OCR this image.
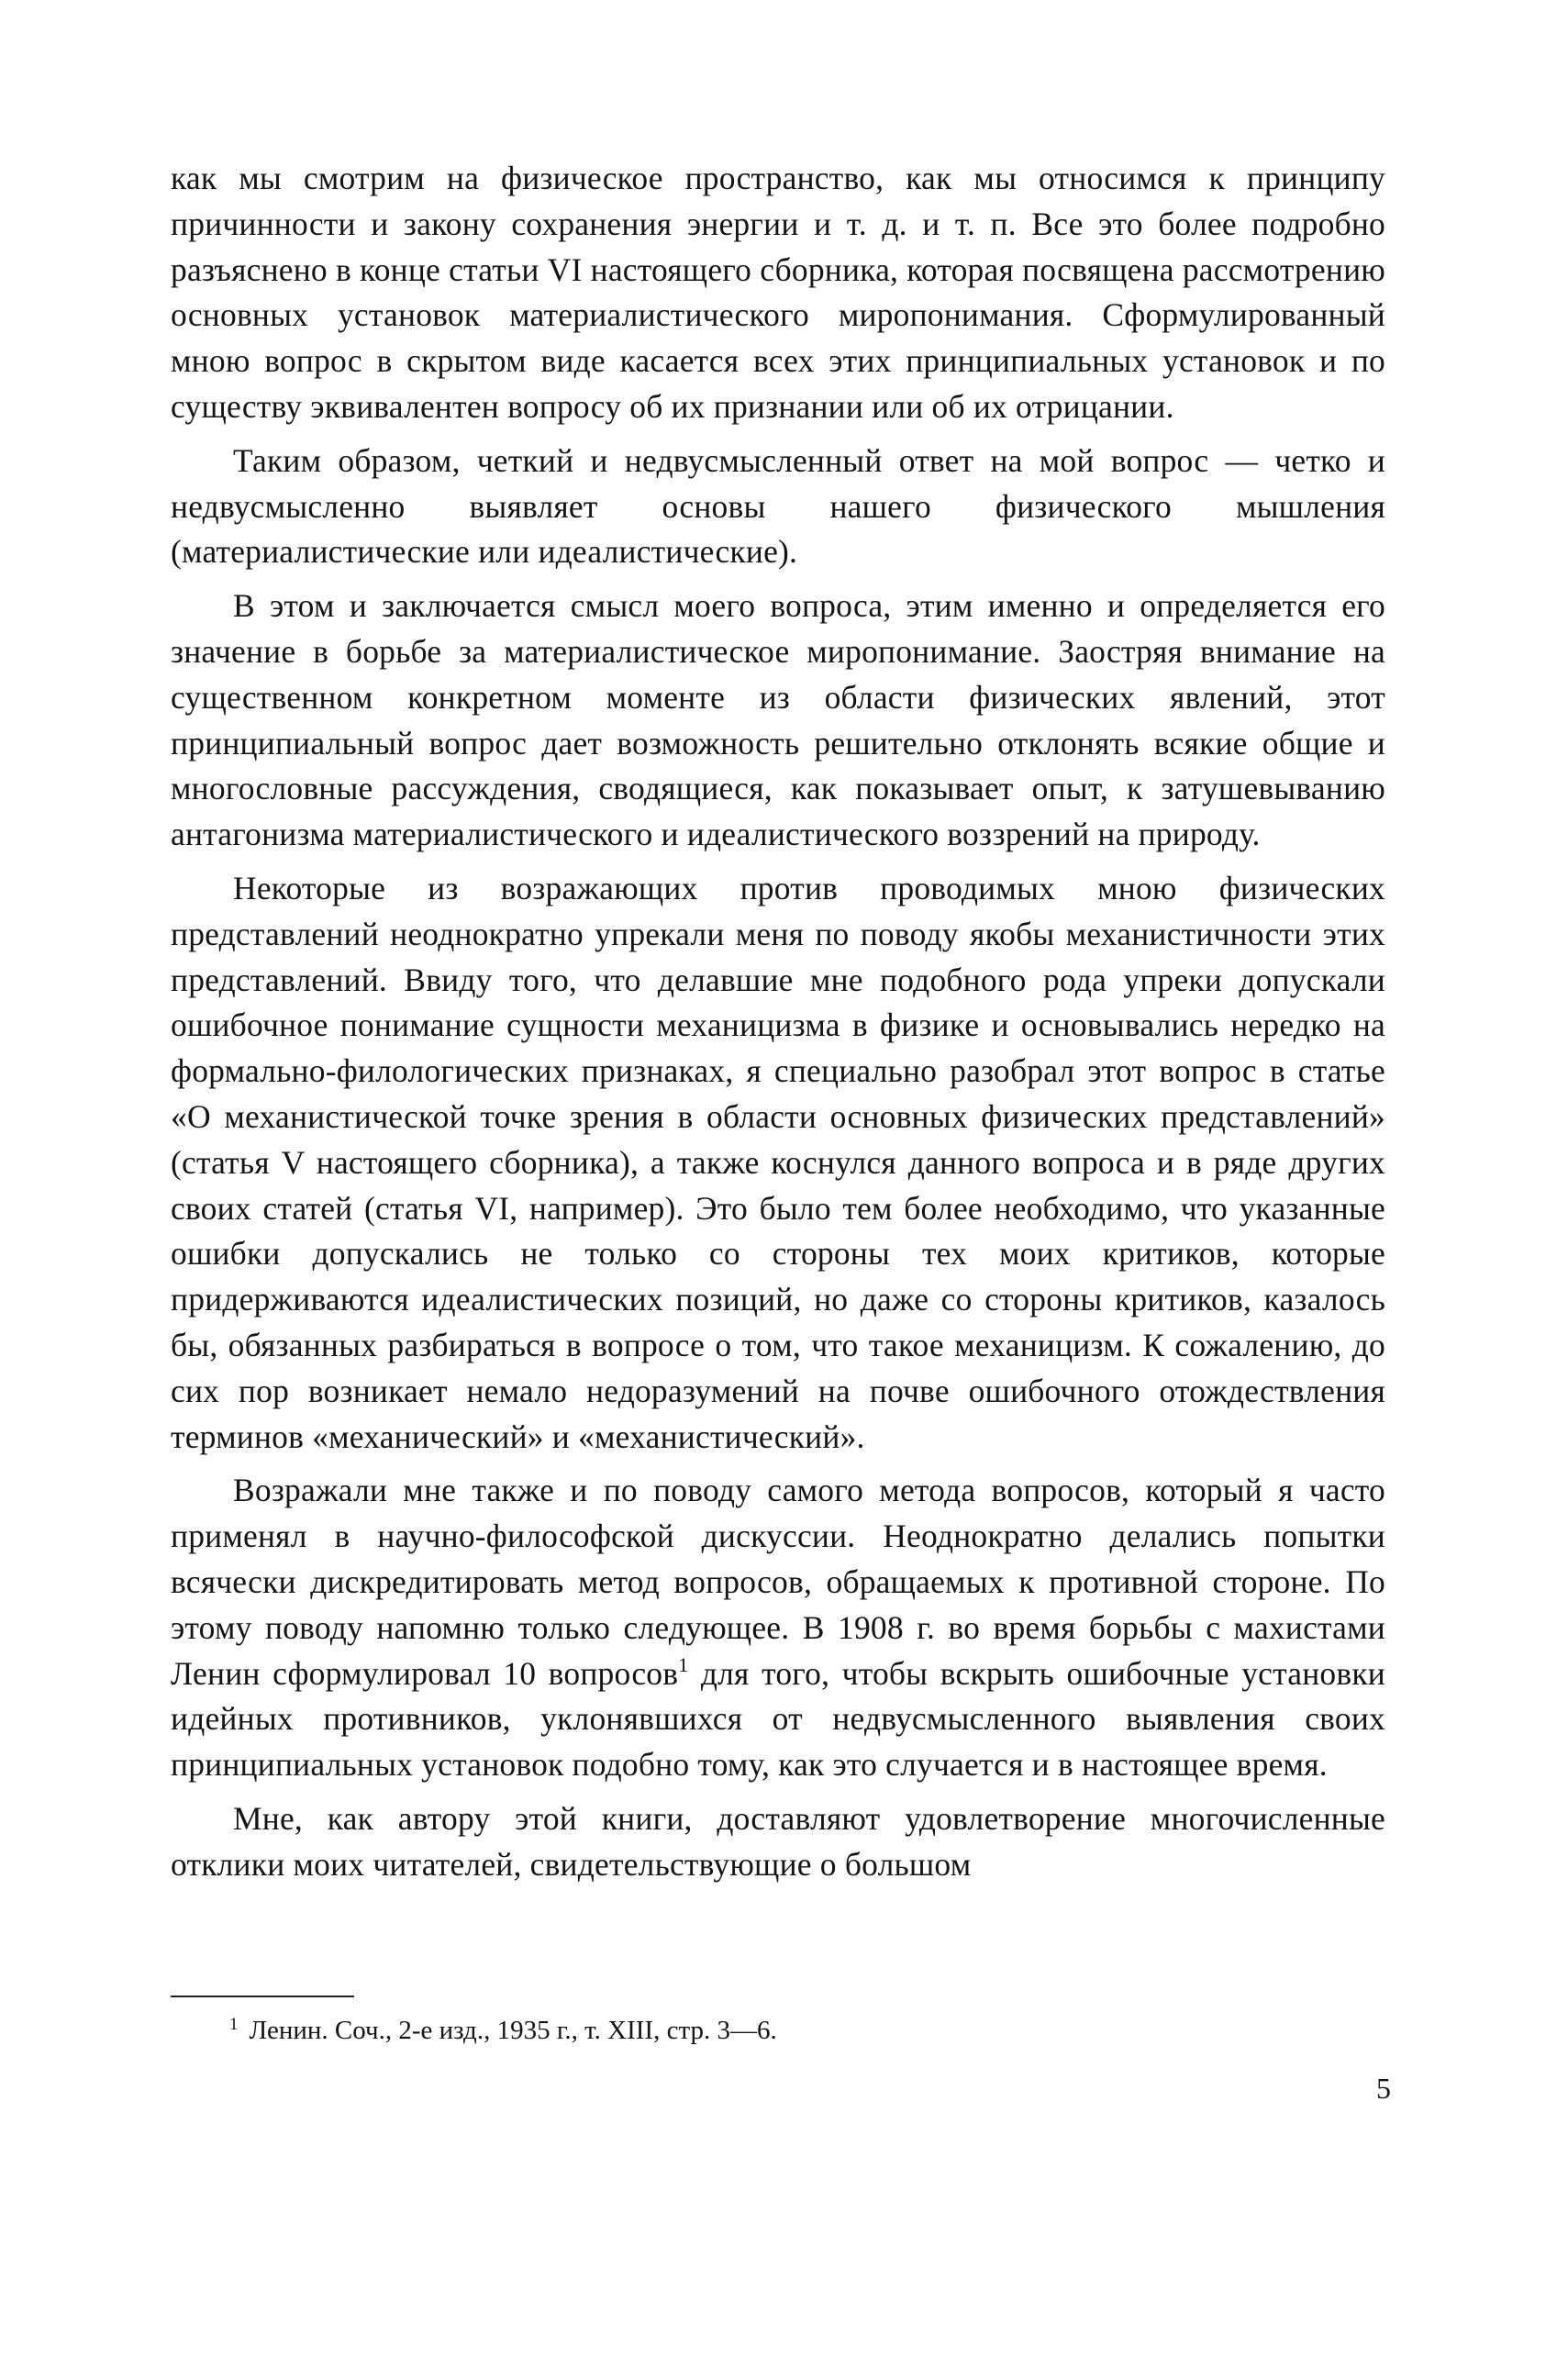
как мы смотрим на физическое пространство, как мы относимся к принципу причинности и закону сохранения энергии и т. д. и т. п. Все это более подробно разъяснено в конце статьи VI настоящего сборника, которая посвящена рассмотрению основных установок материалистического миропонимания. Сформулированный мною вопрос в скрытом виде касается всех этих принципиальных установок и по существу эквивалентен вопросу об их признании или об их отрицании.

Таким образом, четкий и недвусмысленный ответ на мой вопрос — четко и недвусмысленно выявляет основы нашего физического мышления (материалистические или идеалистические).

В этом и заключается смысл моего вопроса, этим именно и определяется его значение в борьбе за материалистическое миропонимание. Заостряя внимание на существенном конкретном моменте из области физических явлений, этот принципиальный вопрос дает возможность решительно отклонять всякие общие и многословные рассуждения, сводящиеся, как показывает опыт, к затушевыванию антагонизма материалистического и идеалистического воззрений на природу.

Некоторые из возражающих против проводимых мною физических представлений неоднократно упрекали меня по поводу якобы механистичности этих представлений. Ввиду того, что делавшие мне подобного рода упреки допускали ошибочное понимание сущности механицизма в физике и основывались нередко на формально-филологических признаках, я специально разобрал этот вопрос в статье «О механистической точке зрения в области основных физических представлений» (статья V настоящего сборника), а также коснулся данного вопроса и в ряде других своих статей (статья VI, например). Это было тем более необходимо, что указанные ошибки допускались не только со стороны тех моих критиков, которые придерживаются идеалистических позиций, но даже со стороны критиков, казалось бы, обязанных разбираться в вопросе о том, что такое механицизм. К сожалению, до сих пор возникает немало недоразумений на почве ошибочного отождествления терминов «механический» и «механистический».

Возражали мне также и по поводу самого метода вопросов, который я часто применял в научно-философской дискуссии. Неоднократно делались попытки всячески дискредитировать метод вопросов, обращаемых к противной стороне. По этому поводу напомню только следующее. В 1908 г. во время борьбы с махистами Ленин сформулировал 10 вопросов$^1$ для того, чтобы вскрыть ошибочные установки идейных противников, уклонявшихся от недвусмысленного выявления своих принципиальных установок подобно тому, как это случается и в настоящее время.

Мне, как автору этой книги, доставляют удовлетворение многочисленные отклики моих читателей, свидетельствующие о большом

$^1$ Ленин. Соч., 2-е изд., 1935 г., т. XIII, стр. 3—6.
5
